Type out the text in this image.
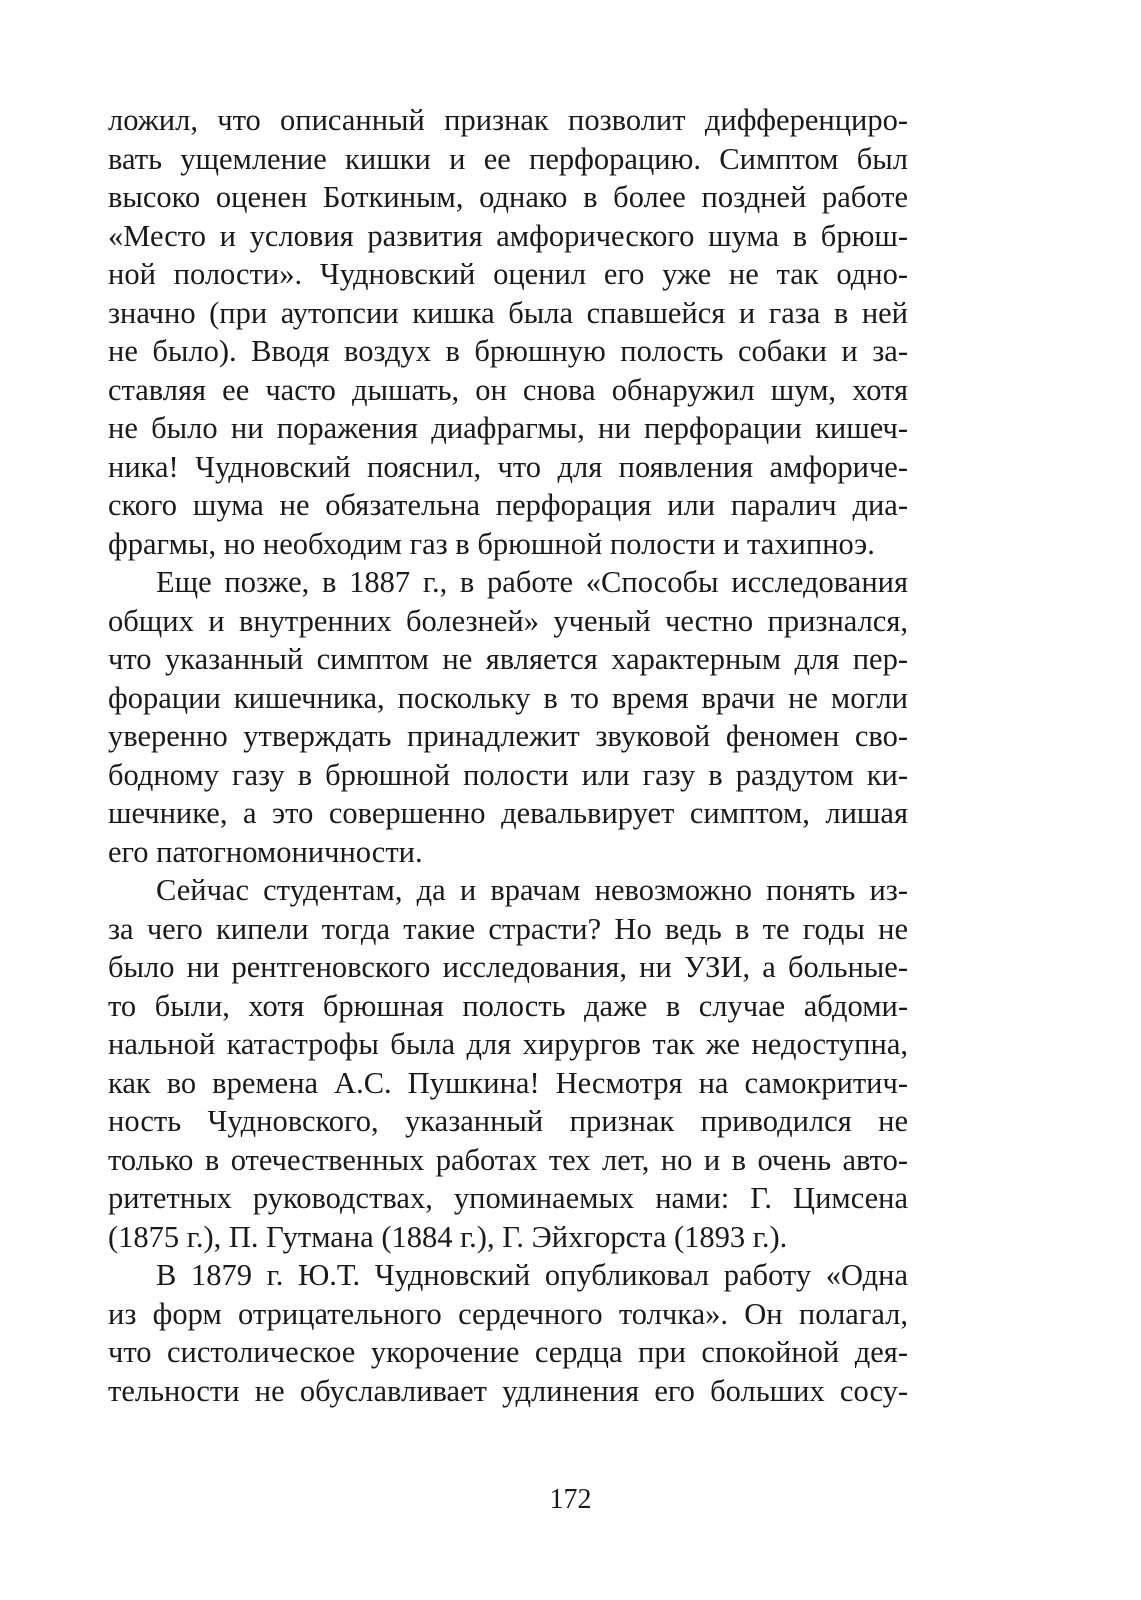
ложил, что описанный признак позволит дифференциро-
вать ущемление кишки и ее перфорацию. Симптом был
высоко оценен Боткиным, однако в более поздней работе
«Место и условия развития амфорического шума в брюш-
ной полости». Чудновский оценил его уже не так одно-
значно (при аутопсии кишка была спавшейся и газа в ней
не было). Вводя воздух в брюшную полость собаки и за-
ставляя ее часто дышать, он снова обнаружил шум, хотя
не было ни поражения диафрагмы, ни перфорации кишеч-
ника! Чудновский пояснил, что для появления амфориче-
ского шума не обязательна перфорация или паралич диа-
фрагмы, но необходим газ в брюшной полости и тахипноэ.
Еще позже, в 1887 г., в работе «Способы исследования
общих и внутренних болезней» ученый честно признался,
что указанный симптом не является характерным для пер-
форации кишечника, поскольку в то время врачи не могли
уверенно утверждать принадлежит звуковой феномен сво-
бодному газу в брюшной полости или газу в раздутом ки-
шечнике, а это совершенно девальвирует симптом, лишая
его патогномоничности.
Сейчас студентам, да и врачам невозможно понять из-
за чего кипели тогда такие страсти? Но ведь в те годы не
было ни рентгеновского исследования, ни УЗИ, а больные-
то были, хотя брюшная полость даже в случае абдоми-
нальной катастрофы была для хирургов так же недоступна,
как во времена А.С. Пушкина! Несмотря на самокритич-
ность Чудновского, указанный признак приводился не
только в отечественных работах тех лет, но и в очень авто-
ритетных руководствах, упоминаемых нами: Г. Цимсена
(1875 г.), П. Гутмана (1884 г.), Г. Эйхгорста (1893 г.).
В 1879 г. Ю.Т. Чудновский опубликовал работу «Одна
из форм отрицательного сердечного толчка». Он полагал,
что систолическое укорочение сердца при спокойной дея-
тельности не обуславливает удлинения его больших сосу-
172
